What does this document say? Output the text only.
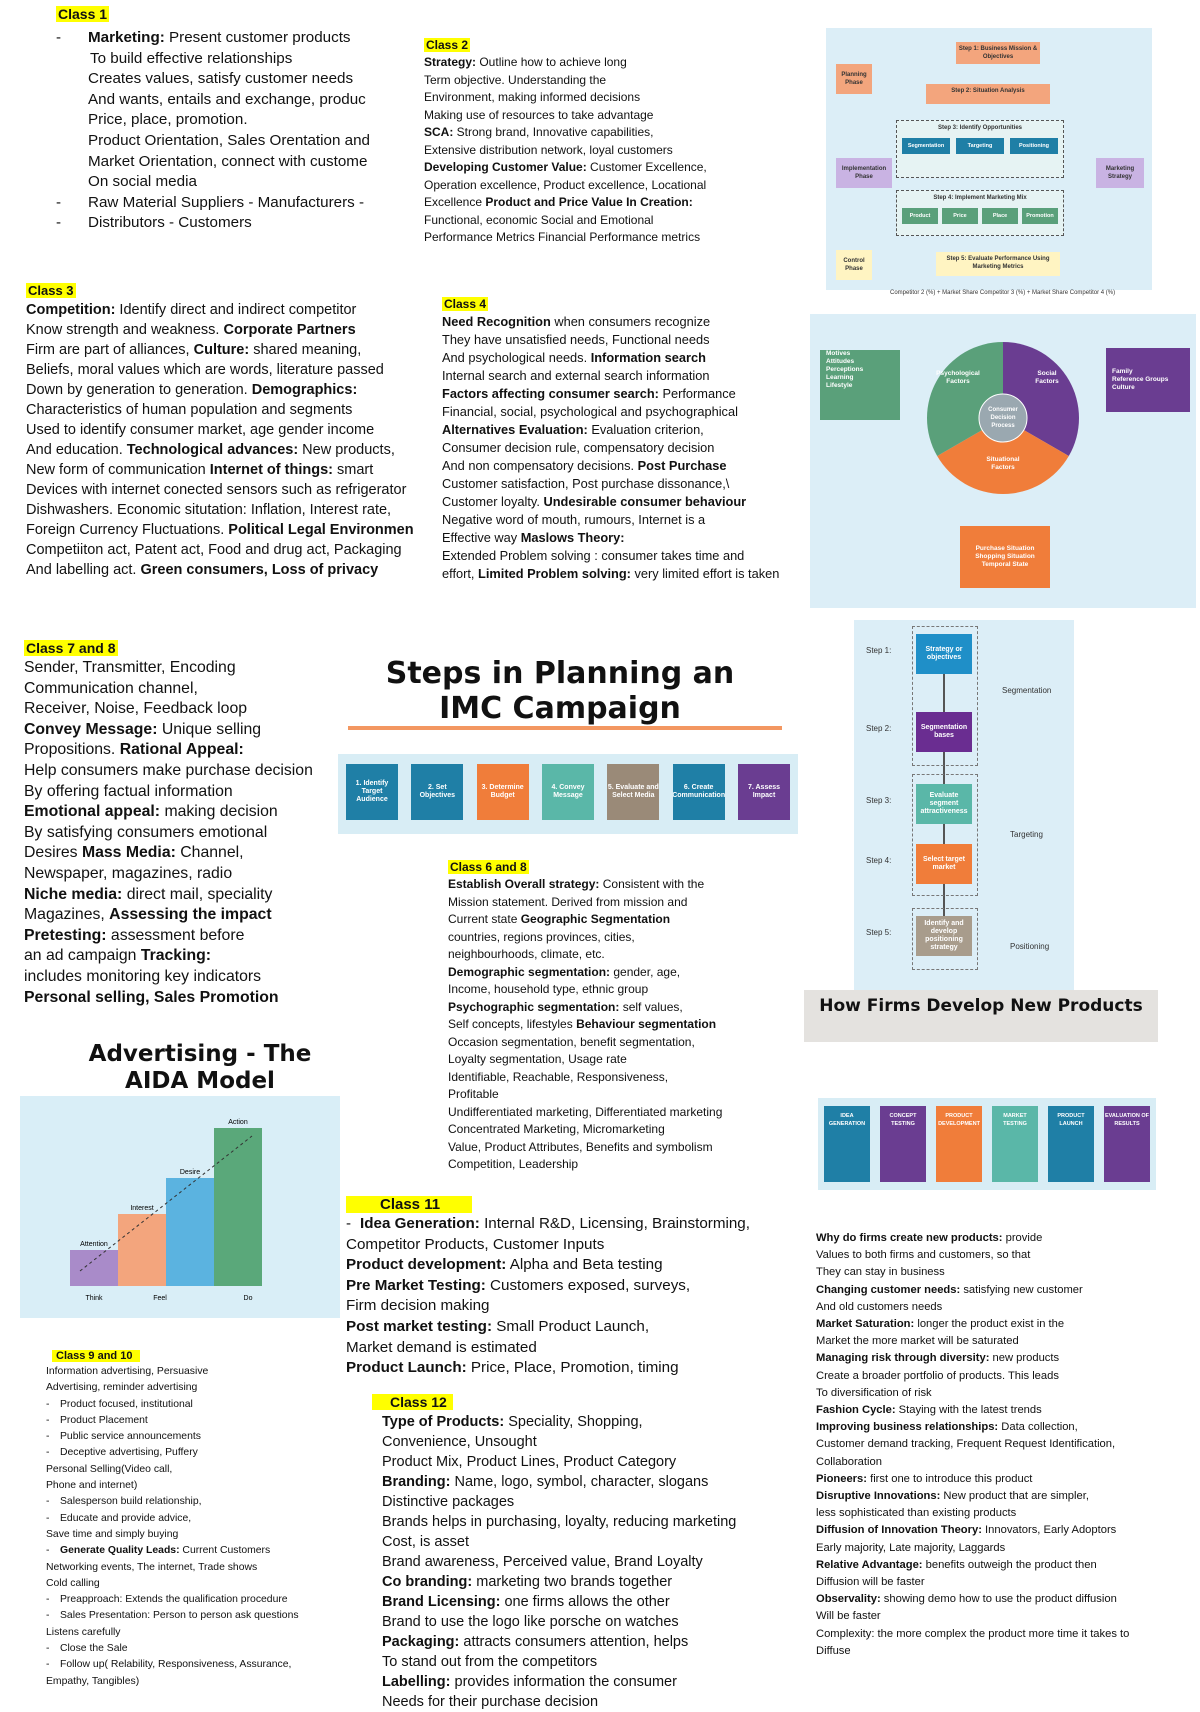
Class 1
- Marketing: Present customer products
To build effective relationships
Creates values, satisfy customer needs
And wants, entails and exchange, produc
Price, place, promotion.
Product Orientation, Sales Orentation and
Market Orientation, connect with custome
On social media
- Raw Material Suppliers - Manufacturers -
- Distributors - Customers
Class 2
Strategy: Outline how to achieve long
Term objective. Understanding the
Environment, making informed decisions
Making use of resources to take advantage
SCA: Strong brand, Innovative capabilities,
Extensive distribution network, loyal customers
Developing Customer Value: Customer Excellence,
Operation excellence, Product excellence, Locational
Excellence Product and Price Value In Creation:
Functional, economic Social and Emotional
Performance Metrics Financial Performance metrics
Class 3
Competition: Identify direct and indirect competitor
Know strength and weakness. Corporate Partners
Firm are part of alliances, Culture: shared meaning,
Beliefs, moral values which are words, literature passed
Down by generation to generation. Demographics:
Characteristics of human population and segments
Used to identify consumer market, age gender income
And education. Technological advances: New products,
New form of communication Internet of things: smart
Devices with internet conected sensors such as refrigerator
Dishwashers. Economic situtation: Inflation, Interest rate,
Foreign Currency Fluctuations. Political Legal Environmen
Competiiton act, Patent act, Food and drug act, Packaging
And labelling act. Green consumers, Loss of privacy
Class 4
Need Recognition when consumers recognize
They have unsatisfied needs, Functional needs
And psychological needs. Information search
Internal search and external search information
Factors affecting consumer search: Performance
Financial, social, psychological and psychographical
Alternatives Evaluation: Evaluation criterion,
Consumer decision rule, compensatory decision
And non compensatory decisions. Post Purchase
Customer satisfaction, Post purchase dissonance,\
Customer loyalty. Undesirable consumer behaviour
Negative word of mouth, rumours, Internet is a
Effective way Maslows Theory:
Extended Problem solving : consumer takes time and
effort, Limited Problem solving: very limited effort is taken
Class 7 and 8
Sender, Transmitter, Encoding
Communication channel,
Receiver, Noise, Feedback loop
Convey Message: Unique selling
Propositions. Rational Appeal:
Help consumers make purchase decision
By offering factual information
Emotional appeal: making decision
By satisfying consumers emotional
Desires Mass Media: Channel,
Newspaper, magazines, radio
Niche media: direct mail, speciality
Magazines, Assessing the impact
Pretesting: assessment before
an ad campaign Tracking:
includes monitoring key indicators
Personal selling, Sales Promotion
Class 6 and 8
Establish Overall strategy: Consistent with the
Mission statement. Derived from mission and
Current state Geographic Segmentation
countries, regions provinces, cities,
neighbourhoods, climate, etc.
Demographic segmentation: gender, age,
Income, household type, ethnic group
Psychographic segmentation: self values,
Self concepts, lifestyles Behaviour segmentation
Occasion segmentation, benefit segmentation,
Loyalty segmentation, Usage rate
Identifiable, Reachable, Responsiveness,
Profitable
Undifferentiated marketing, Differentiated marketing
Concentrated Marketing, Micromarketing
Value, Product Attributes, Benefits and symbolism
Competition, Leadership
Class 9 and 10
Information advertising, Persuasive
Advertising, reminder advertising
- Product focused, institutional
- Product Placement
- Public service announcements
- Deceptive advertising, Puffery
Personal Selling(Video call,
Phone and internet)
- Salesperson build relationship,
- Educate and provide advice,
Save time and simply buying
- Generate Quality Leads: Current Customers
Networking events, The internet, Trade shows
Cold calling
- Preapproach: Extends the qualification procedure
- Sales Presentation: Person to person ask questions
Listens carefully
- Close the Sale
- Follow up( Relability, Responsiveness, Assurance,
Empathy, Tangibles)
Class 11
- Idea Generation: Internal R&D, Licensing, Brainstorming,
Competitor Products, Customer Inputs
Product development: Alpha and Beta testing
Pre Market Testing: Customers exposed, surveys,
Firm decision making
Post market testing: Small Product Launch,
Market demand is estimated
Product Launch: Price, Place, Promotion, timing
Class 12
Type of Products: Speciality, Shopping,
Convenience, Unsought
Product Mix, Product Lines, Product Category
Branding: Name, logo, symbol, character, slogans
Distinctive packages
Brands helps in purchasing, loyalty, reducing marketing
Cost, is asset
Brand awareness, Perceived value, Brand Loyalty
Co branding: marketing two brands together
Brand Licensing: one firms allows the other
Brand to use the logo like porsche on watches
Packaging: attracts consumers attention, helps
To stand out from the competitors
Labelling: provides information the consumer
Needs for their purchase decision
Why do firms create new products: provide
Values to both firms and customers, so that
They can stay in business
Changing customer needs: satisfying new customer
And old customers needs
Market Saturation: longer the product exist in the
Market the more market will be saturated
Managing risk through diversity: new products
Create a broader portfolio of products. This leads
To diversification of risk
Fashion Cycle: Staying with the latest trends
Improving business relationships: Data collection,
Customer demand tracking, Frequent Request Identification,
Collaboration
Pioneers: first one to introduce this product
Disruptive Innovations: New product that are simpler,
less sophisticated than existing products
Diffusion of Innovation Theory: Innovators, Early Adoptors
Early majority, Late majority, Laggards
Relative Advantage: benefits outweigh the product then
Diffusion will be faster
Observality: showing demo how to use the product diffusion
Will be faster
Complexity: the more complex the product more time it takes to
Diffuse
Steps in Planning an
IMC Campaign
1. Identify Target Audience
2. Set Objectives
3. Determine Budget
4. Convey Message
5. Evaluate and Select Media
6. Create Communication
7. Assess Impact
Advertising - The
AIDA Model
Attention
Interest
Desire
Action
Think	Feel	Do
Step 1: Business Mission & Objectives
Step 2: Situation Analysis
Step 3: Identify Opportunities
Step 4: Implement Marketing Mix
Step 5: Evaluate Performance Using Marketing Metrics
Segmentation	Targeting	Positioning
Product	Price	Place	Promotion
Planning Phase
Implementation Phase
Control Phase
Marketing Strategy
Competitor 2 (%) + Market Share Competitor 3 (%) + Market Share Competitor 4 (%)
Consumer Decision Process
Psychological Factors
Social Factors
Situational Factors
Motives
Attitudes
Perceptions
Learning
Lifestyle
Family
Reference Groups
Culture
Purchase Situation
Shopping Situation
Temporal State
Step 1:	Strategy or objectives
Step 2:	Segmentation bases
Step 3:
Evaluate segment attractiveness
Step 4:	Select target market
Step 5:
Identify and develop positioning strategy
Segmentation
Targeting
Positioning
How Firms Develop New Products
IDEA GENERATION
CONCEPT TESTING
PRODUCT DEVELOPMENT
MARKET TESTING
PRODUCT LAUNCH
EVALUATION OF RESULTS
